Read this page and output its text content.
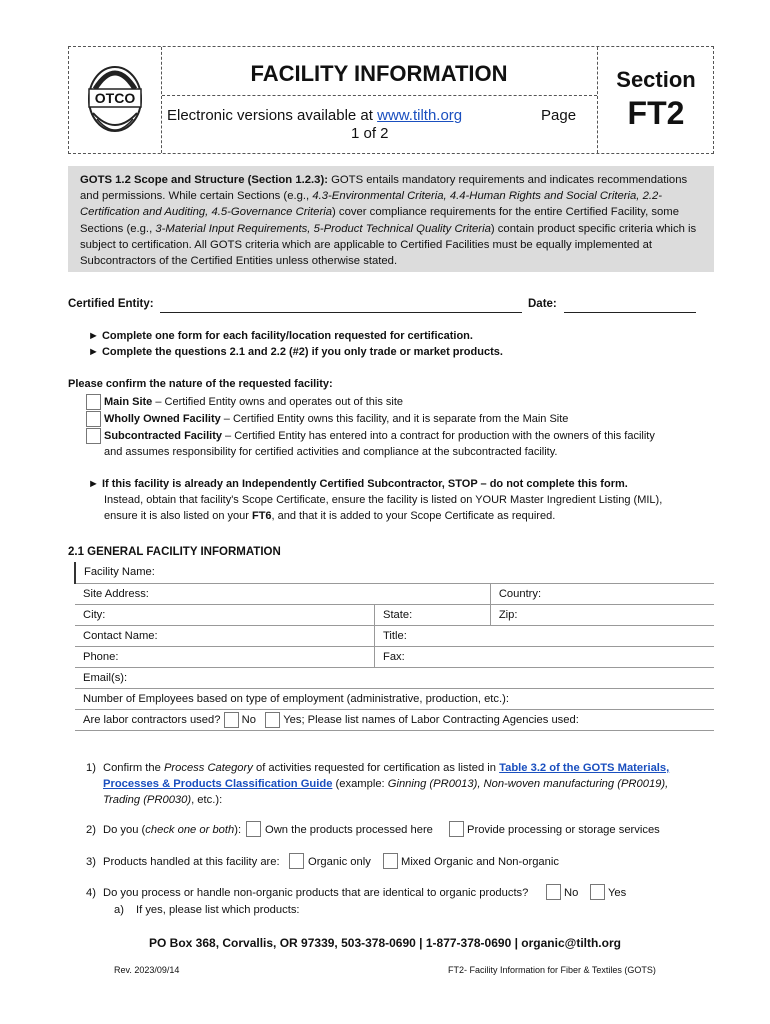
OTCO
FACILITY INFORMATION
Electronic versions available at www.tilth.org	Page
1 of 2
Section
FT2
GOTS 1.2 Scope and Structure (Section 1.2.3): GOTS entails mandatory requirements and indicates recommendations and permissions. While certain Sections (e.g., 4.3-Environmental Criteria, 4.4-Human Rights and Social Criteria, 2.2-Certification and Auditing, 4.5-Governance Criteria) cover compliance requirements for the entire Certified Facility, some Sections (e.g., 3-Material Input Requirements, 5-Product Technical Quality Criteria) contain product specific criteria which is subject to certification. All GOTS criteria which are applicable to Certified Facilities must be equally implemented at Subcontractors of the Certified Entities unless otherwise stated.
Certified Entity:	Date:
► Complete one form for each facility/location requested for certification.
► Complete the questions 2.1 and 2.2 (#2) if you only trade or market products.
Please confirm the nature of the requested facility:
Main Site – Certified Entity owns and operates out of this site
Wholly Owned Facility – Certified Entity owns this facility, and it is separate from the Main Site
Subcontracted Facility – Certified Entity has entered into a contract for production with the owners of this facility
and assumes responsibility for certified activities and compliance at the subcontracted facility.
► If this facility is already an Independently Certified Subcontractor, STOP – do not complete this form.
Instead, obtain that facility's Scope Certificate, ensure the facility is listed on YOUR Master Ingredient Listing (MIL),
ensure it is also listed on your FT6, and that it is added to your Scope Certificate as required.
2.1 GENERAL FACILITY INFORMATION
Facility Name:		
Site Address:		Country:
City:	State:	Zip:
Contact Name:	Title:	
Phone:	Fax:	
Email(s):		
Number of Employees based on type of employment (administrative, production, etc.):		
Are labor contractors used? No Yes; Please list names of Labor Contracting Agencies used:		
1) Confirm the Process Category of activities requested for certification as listed in Table 3.2 of the GOTS Materials,
Processes & Products Classification Guide (example: Ginning (PR0013), Non-woven manufacturing (PR0019),
Trading (PR0030), etc.):
2) Do you (check one or both): Own the products processed here	Provide processing or storage services
3) Products handled at this facility are:	Organic only	Mixed Organic and Non-organic
4) Do you process or handle non-organic products that are identical to organic products?	No	Yes
a) If yes, please list which products:
PO Box 368, Corvallis, OR 97339, 503-378-0690 | 1-877-378-0690 | organic@tilth.org
Rev. 2023/09/14	FT2- Facility Information for Fiber & Textiles (GOTS)
